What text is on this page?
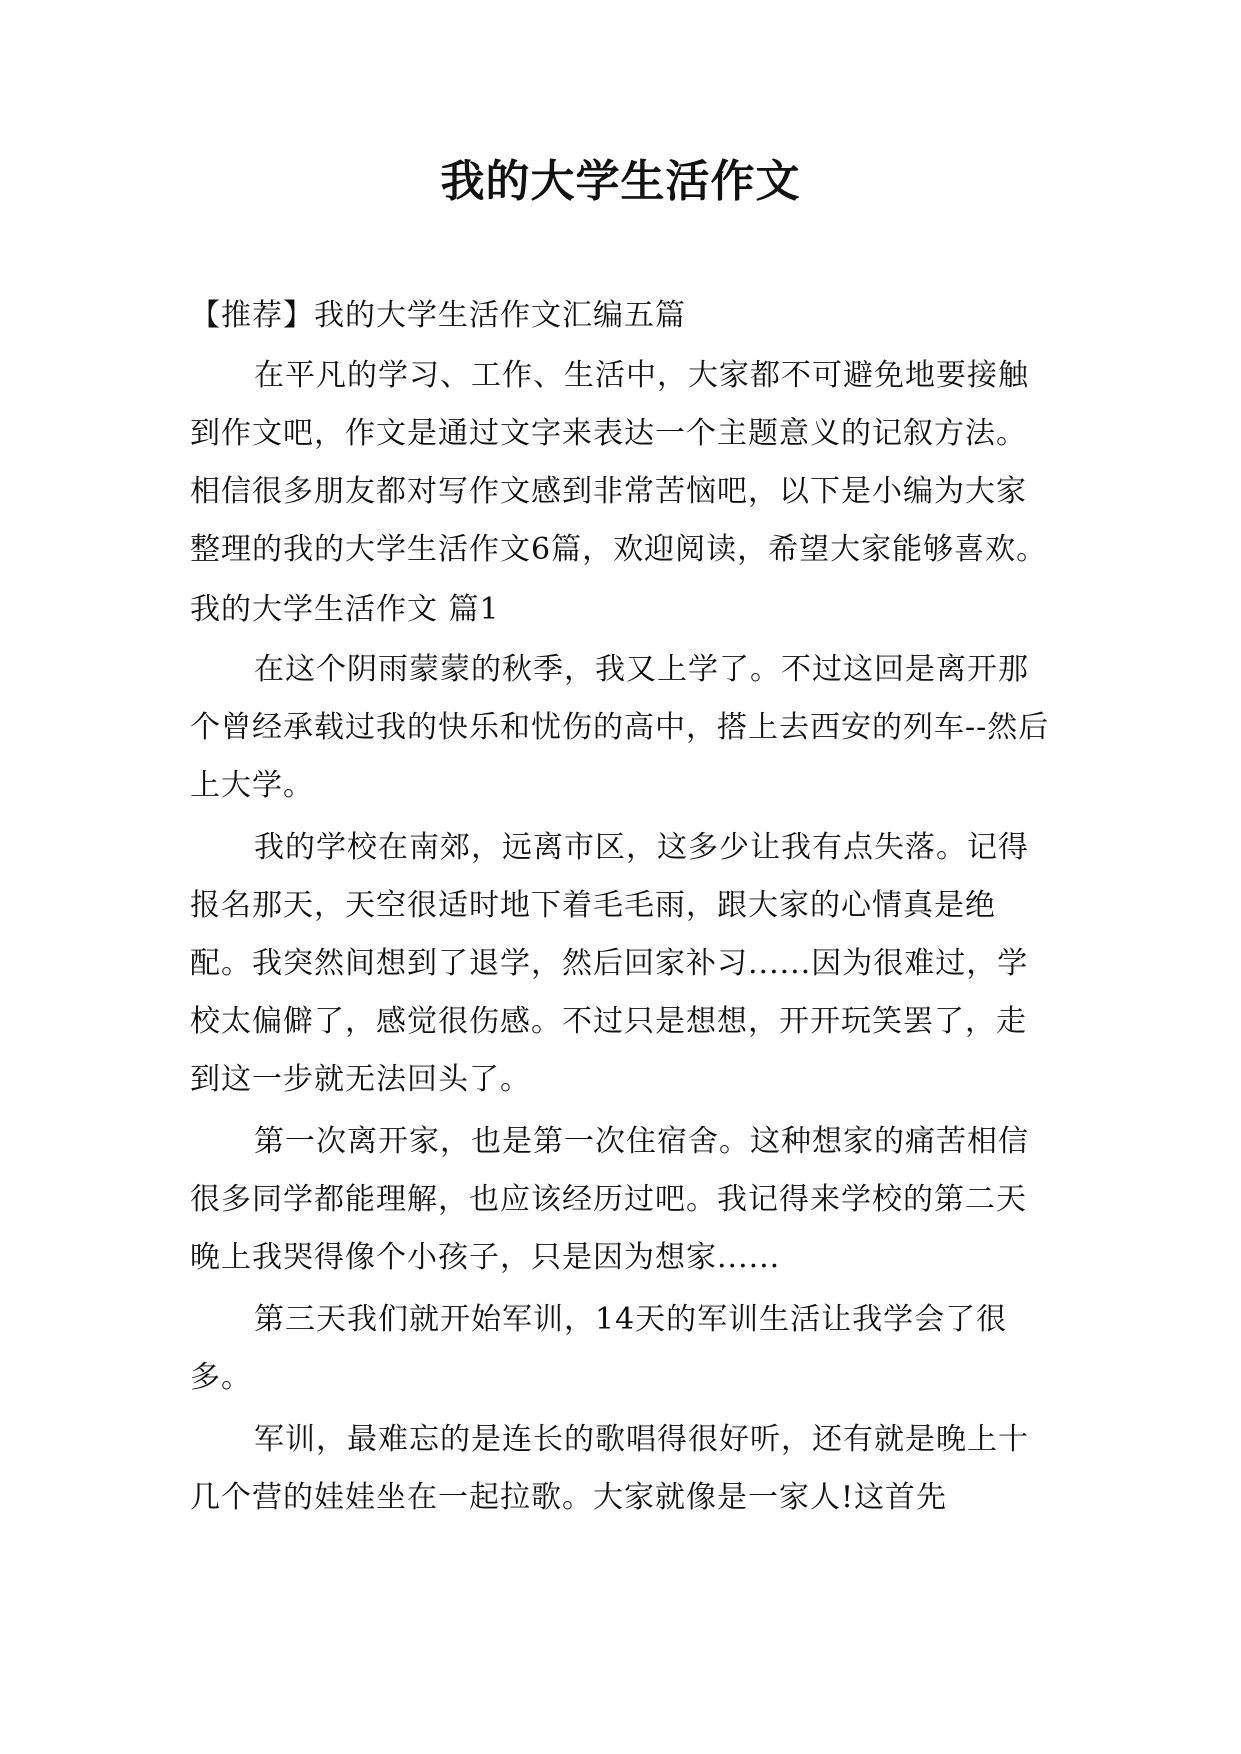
我的大学生活作文

【推荐】我的大学生活作文汇编五篇

在平凡的学习、工作、生活中，大家都不可避免地要接触到作文吧，作文是通过文字来表达一个主题意义的记叙方法。相信很多朋友都对写作文感到非常苦恼吧，以下是小编为大家整理的我的大学生活作文6篇，欢迎阅读，希望大家能够喜欢。

我的大学生活作文 篇1

在这个阴雨蒙蒙的秋季，我又上学了。不过这回是离开那个曾经承载过我的快乐和忧伤的高中，搭上去西安的列车--然后上大学。

我的学校在南郊，远离市区，这多少让我有点失落。记得报名那天，天空很适时地下着毛毛雨，跟大家的心情真是绝配。我突然间想到了退学，然后回家补习......因为很难过，学校太偏僻了，感觉很伤感。不过只是想想，开开玩笑罢了，走到这一步就无法回头了。

第一次离开家，也是第一次住宿舍。这种想家的痛苦相信很多同学都能理解，也应该经历过吧。我记得来学校的第二天晚上我哭得像个小孩子，只是因为想家......

第三天我们就开始军训，14天的军训生活让我学会了很多。

军训，最难忘的是连长的歌唱得很好听，还有就是晚上十几个营的娃娃坐在一起拉歌。大家就像是一家人!这首先
